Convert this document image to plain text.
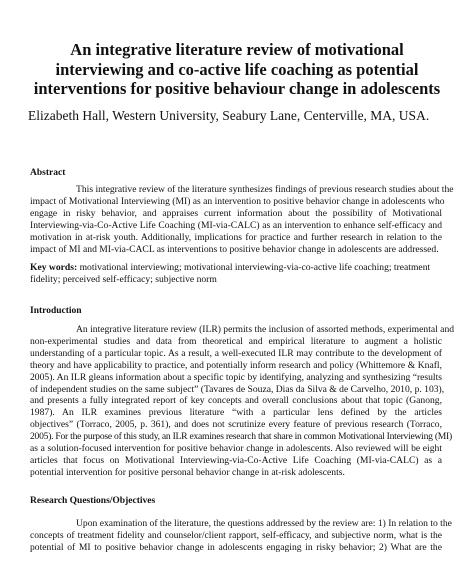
An integrative literature review of motivational
interviewing and co-active life coaching as potential
interventions for positive behaviour change in adolescents
Elizabeth Hall, Western University, Seabury Lane, Centerville, MA, USA.
Abstract
This integrative review of the literature synthesizes findings of previous research studies about the
impact of Motivational Interviewing (MI) as an intervention to positive behavior change in adolescents who
engage in risky behavior, and appraises current information about the possibility of Motivational
Interviewing-via-Co-Active Life Coaching (MI-via-CALC) as an intervention to enhance self-efficacy and
motivation in at-risk youth. Additionally, implications for practice and further research in relation to the
impact of MI and MI-via-CACL as interventions to positive behavior change in adolescents are addressed.
Key words: motivational interviewing; motivational interviewing-via-co-active life coaching; treatment
fidelity; perceived self-efficacy; subjective norm
Introduction
An integrative literature review (ILR) permits the inclusion of assorted methods, experimental and
non-experimental studies and data from theoretical and empirical literature to augment a holistic
understanding of a particular topic. As a result, a well-executed ILR may contribute to the development of
theory and have applicability to practice, and potentially inform research and policy (Whittemore & Knafl,
2005). An ILR gleans information about a specific topic by identifying, analyzing and synthesizing “results
of independent studies on the same subject” (Tavares de Souza, Dias da Silva & de Carvelho, 2010, p. 103),
and presents a fully integrated report of key concepts and overall conclusions about that topic (Ganong,
1987). An ILR examines previous literature “with a particular lens defined by the articles
objectives” (Torraco, 2005, p. 361), and does not scrutinize every feature of previous research (Torraco,
2005). For the purpose of this study, an ILR examines research that share in common Motivational Interviewing (MI)
as a solution-focused intervention for positive behavior change in adolescents. Also reviewed will be eight
articles that focus on Motivational Interviewing-via-Co-Active Life Coaching (MI-via-CALC) as a
potential intervention for positive personal behavior change in at-risk adolescents.
Research Questions/Objectives
Upon examination of the literature, the questions addressed by the review are: 1) In relation to the
concepts of treatment fidelity and counselor/client rapport, self-efficacy, and subjective norm, what is the
potential of MI to positive behavior change in adolescents engaging in risky behavior; 2) What are the
